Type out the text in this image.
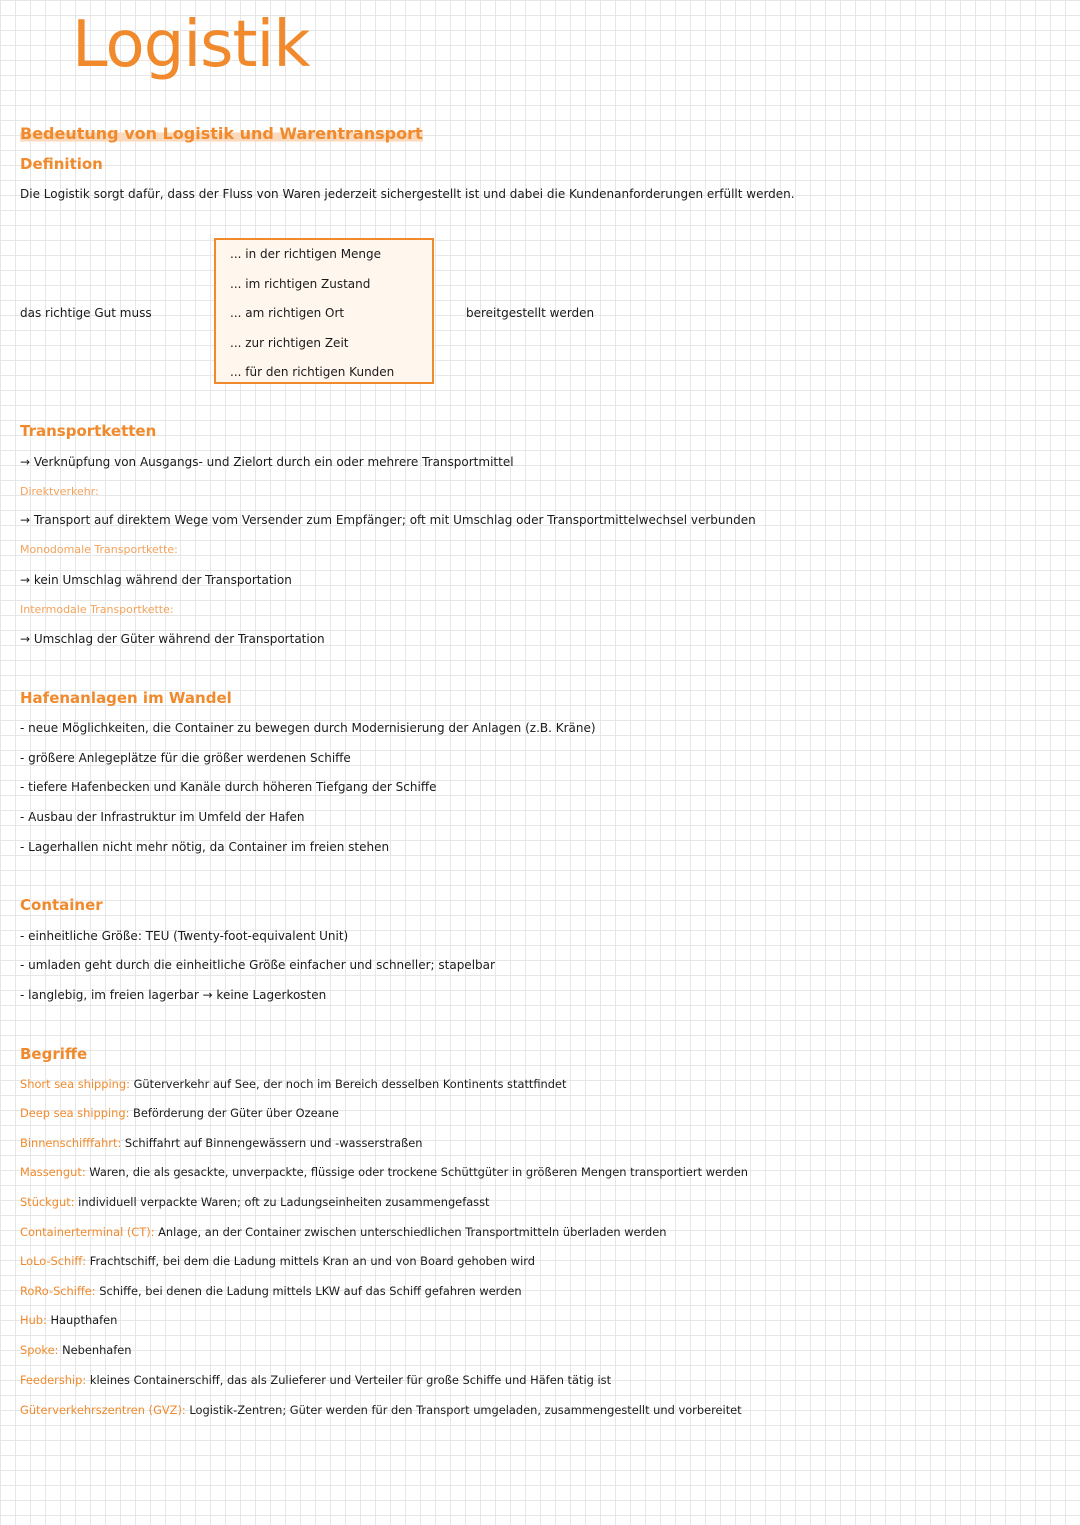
Logistik
Bedeutung von Logistik und Warentransport
Definition
Die Logistik sorgt dafür, dass der Fluss von Waren jederzeit sichergestellt ist und dabei die Kundenanforderungen erfüllt werden.
das richtige Gut muss
... in der richtigen Menge
... im richtigen Zustand
... am richtigen Ort
... zur richtigen Zeit
... für den richtigen Kunden
bereitgestellt werden
Transportketten
→ Verknüpfung von Ausgangs- und Zielort durch ein oder mehrere Transportmittel
Direktverkehr:
→ Transport auf direktem Wege vom Versender zum Empfänger; oft mit Umschlag oder Transportmittelwechsel verbunden
Monodomale Transportkette:
→ kein Umschlag während der Transportation
Intermodale Transportkette:
→ Umschlag der Güter während der Transportation
Hafenanlagen im Wandel
- neue Möglichkeiten, die Container zu bewegen durch Modernisierung der Anlagen (z.B. Kräne)
- größere Anlegeplätze für die größer werdenen Schiffe
- tiefere Hafenbecken und Kanäle durch höheren Tiefgang der Schiffe
- Ausbau der Infrastruktur im Umfeld der Hafen
- Lagerhallen nicht mehr nötig, da Container im freien stehen
Container
- einheitliche Größe: TEU (Twenty-foot-equivalent Unit)
- umladen geht durch die einheitliche Größe einfacher und schneller; stapelbar
- langlebig, im freien lagerbar → keine Lagerkosten
Begriffe
Short sea shipping: Güterverkehr auf See, der noch im Bereich desselben Kontinents stattfindet
Deep sea shipping: Beförderung der Güter über Ozeane
Binnenschifffahrt: Schiffahrt auf Binnengewässern und -wasserstraßen
Massengut: Waren, die als gesackte, unverpackte, flüssige oder trockene Schüttgüter in größeren Mengen transportiert werden
Stückgut: individuell verpackte Waren; oft zu Ladungseinheiten zusammengefasst
Containerterminal (CT): Anlage, an der Container zwischen unterschiedlichen Transportmitteln überladen werden
LoLo-Schiff: Frachtschiff, bei dem die Ladung mittels Kran an und von Board gehoben wird
RoRo-Schiffe: Schiffe, bei denen die Ladung mittels LKW auf das Schiff gefahren werden
Hub: Haupthafen
Spoke: Nebenhafen
Feedership: kleines Containerschiff, das als Zulieferer und Verteiler für große Schiffe und Häfen tätig ist
Güterverkehrszentren (GVZ): Logistik-Zentren; Güter werden für den Transport umgeladen, zusammengestellt und vorbereitet
